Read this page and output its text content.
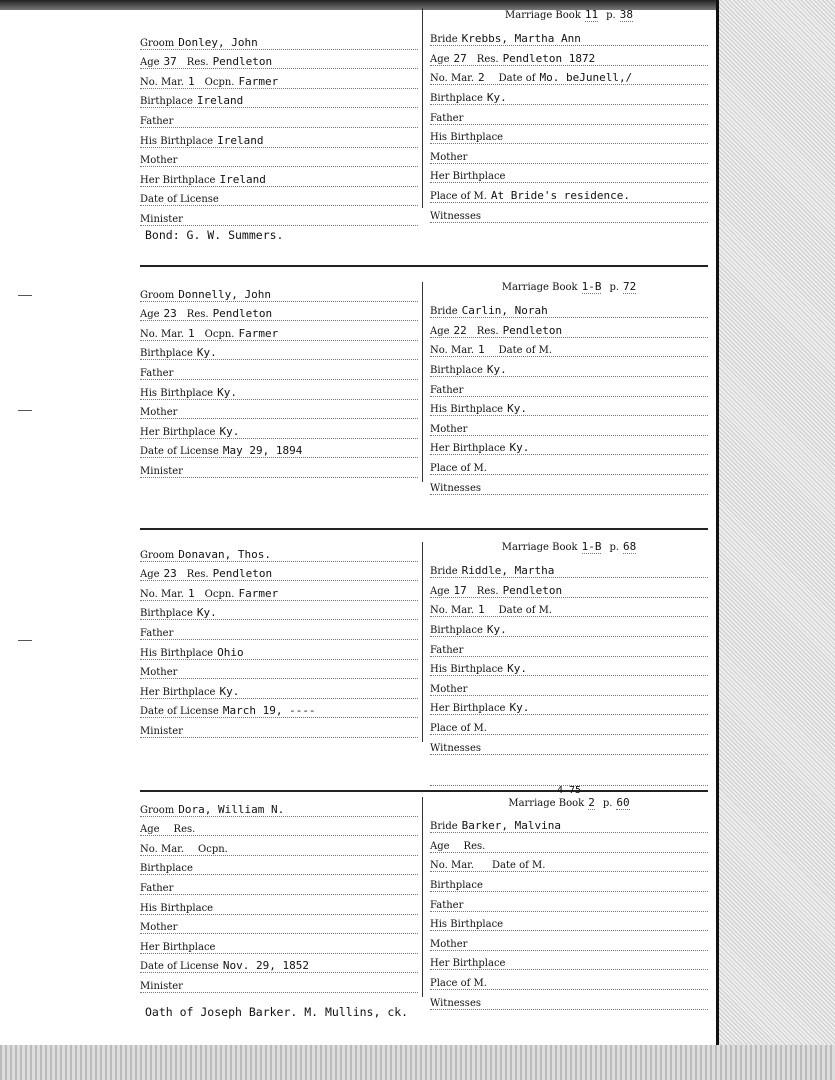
Groom Donley, John
Age 37 Res. Pendleton
No. Mar. 1 Ocpn. Farmer
Birthplace Ireland
Father
His Birthplace Ireland
Mother
Her Birthplace Ireland
Date of License
Minister
Marriage Book 11 p. 38
Bride Krebbs, Martha Ann
Age 27 Res. Pendleton 1872
No. Mar. 2 Date of Mo. beJunell,/
Birthplace Ky.
Father
His Birthplace
Mother
Her Birthplace
Place of M. At Bride's residence.
Witnesses
Bond: G. W. Summers.
Groom Donnelly, John
Age 23 Res. Pendleton
No. Mar. 1 Ocpn. Farmer
Birthplace Ky.
Father
His Birthplace Ky.
Mother
Her Birthplace Ky.
Date of License May 29, 1894
Minister
Marriage Book 1-B p. 72
Bride Carlin, Norah
Age 22 Res. Pendleton
No. Mar. 1 Date of M.
Birthplace Ky.
Father
His Birthplace Ky.
Mother
Her Birthplace Ky.
Place of M.
Witnesses
Groom Donavan, Thos.
Age 23 Res. Pendleton
No. Mar. 1 Ocpn. Farmer
Birthplace Ky.
Father
His Birthplace Ohio
Mother
Her Birthplace Ky.
Date of License March 19, ----
Minister
Marriage Book 1-B p. 68
Bride Riddle, Martha
Age 17 Res. Pendleton
No. Mar. 1 Date of M.
Birthplace Ky.
Father
His Birthplace Ky.
Mother
Her Birthplace Ky.
Place of M.
Witnesses
Groom Dora, William N.
Age	Res.
No. Mar.	Ocpn.
Birthplace
Father
His Birthplace
Mother
Her Birthplace
Date of License Nov. 29, 1852
Minister
Marriage Book 2 p. 60
Bride Barker, Malvina
Age	Res.
No. Mar.	Date of M.
Birthplace
Father
His Birthplace
Mother
Her Birthplace
Place of M.
Witnesses
Oath of Joseph Barker. M. Mullins, ck.
